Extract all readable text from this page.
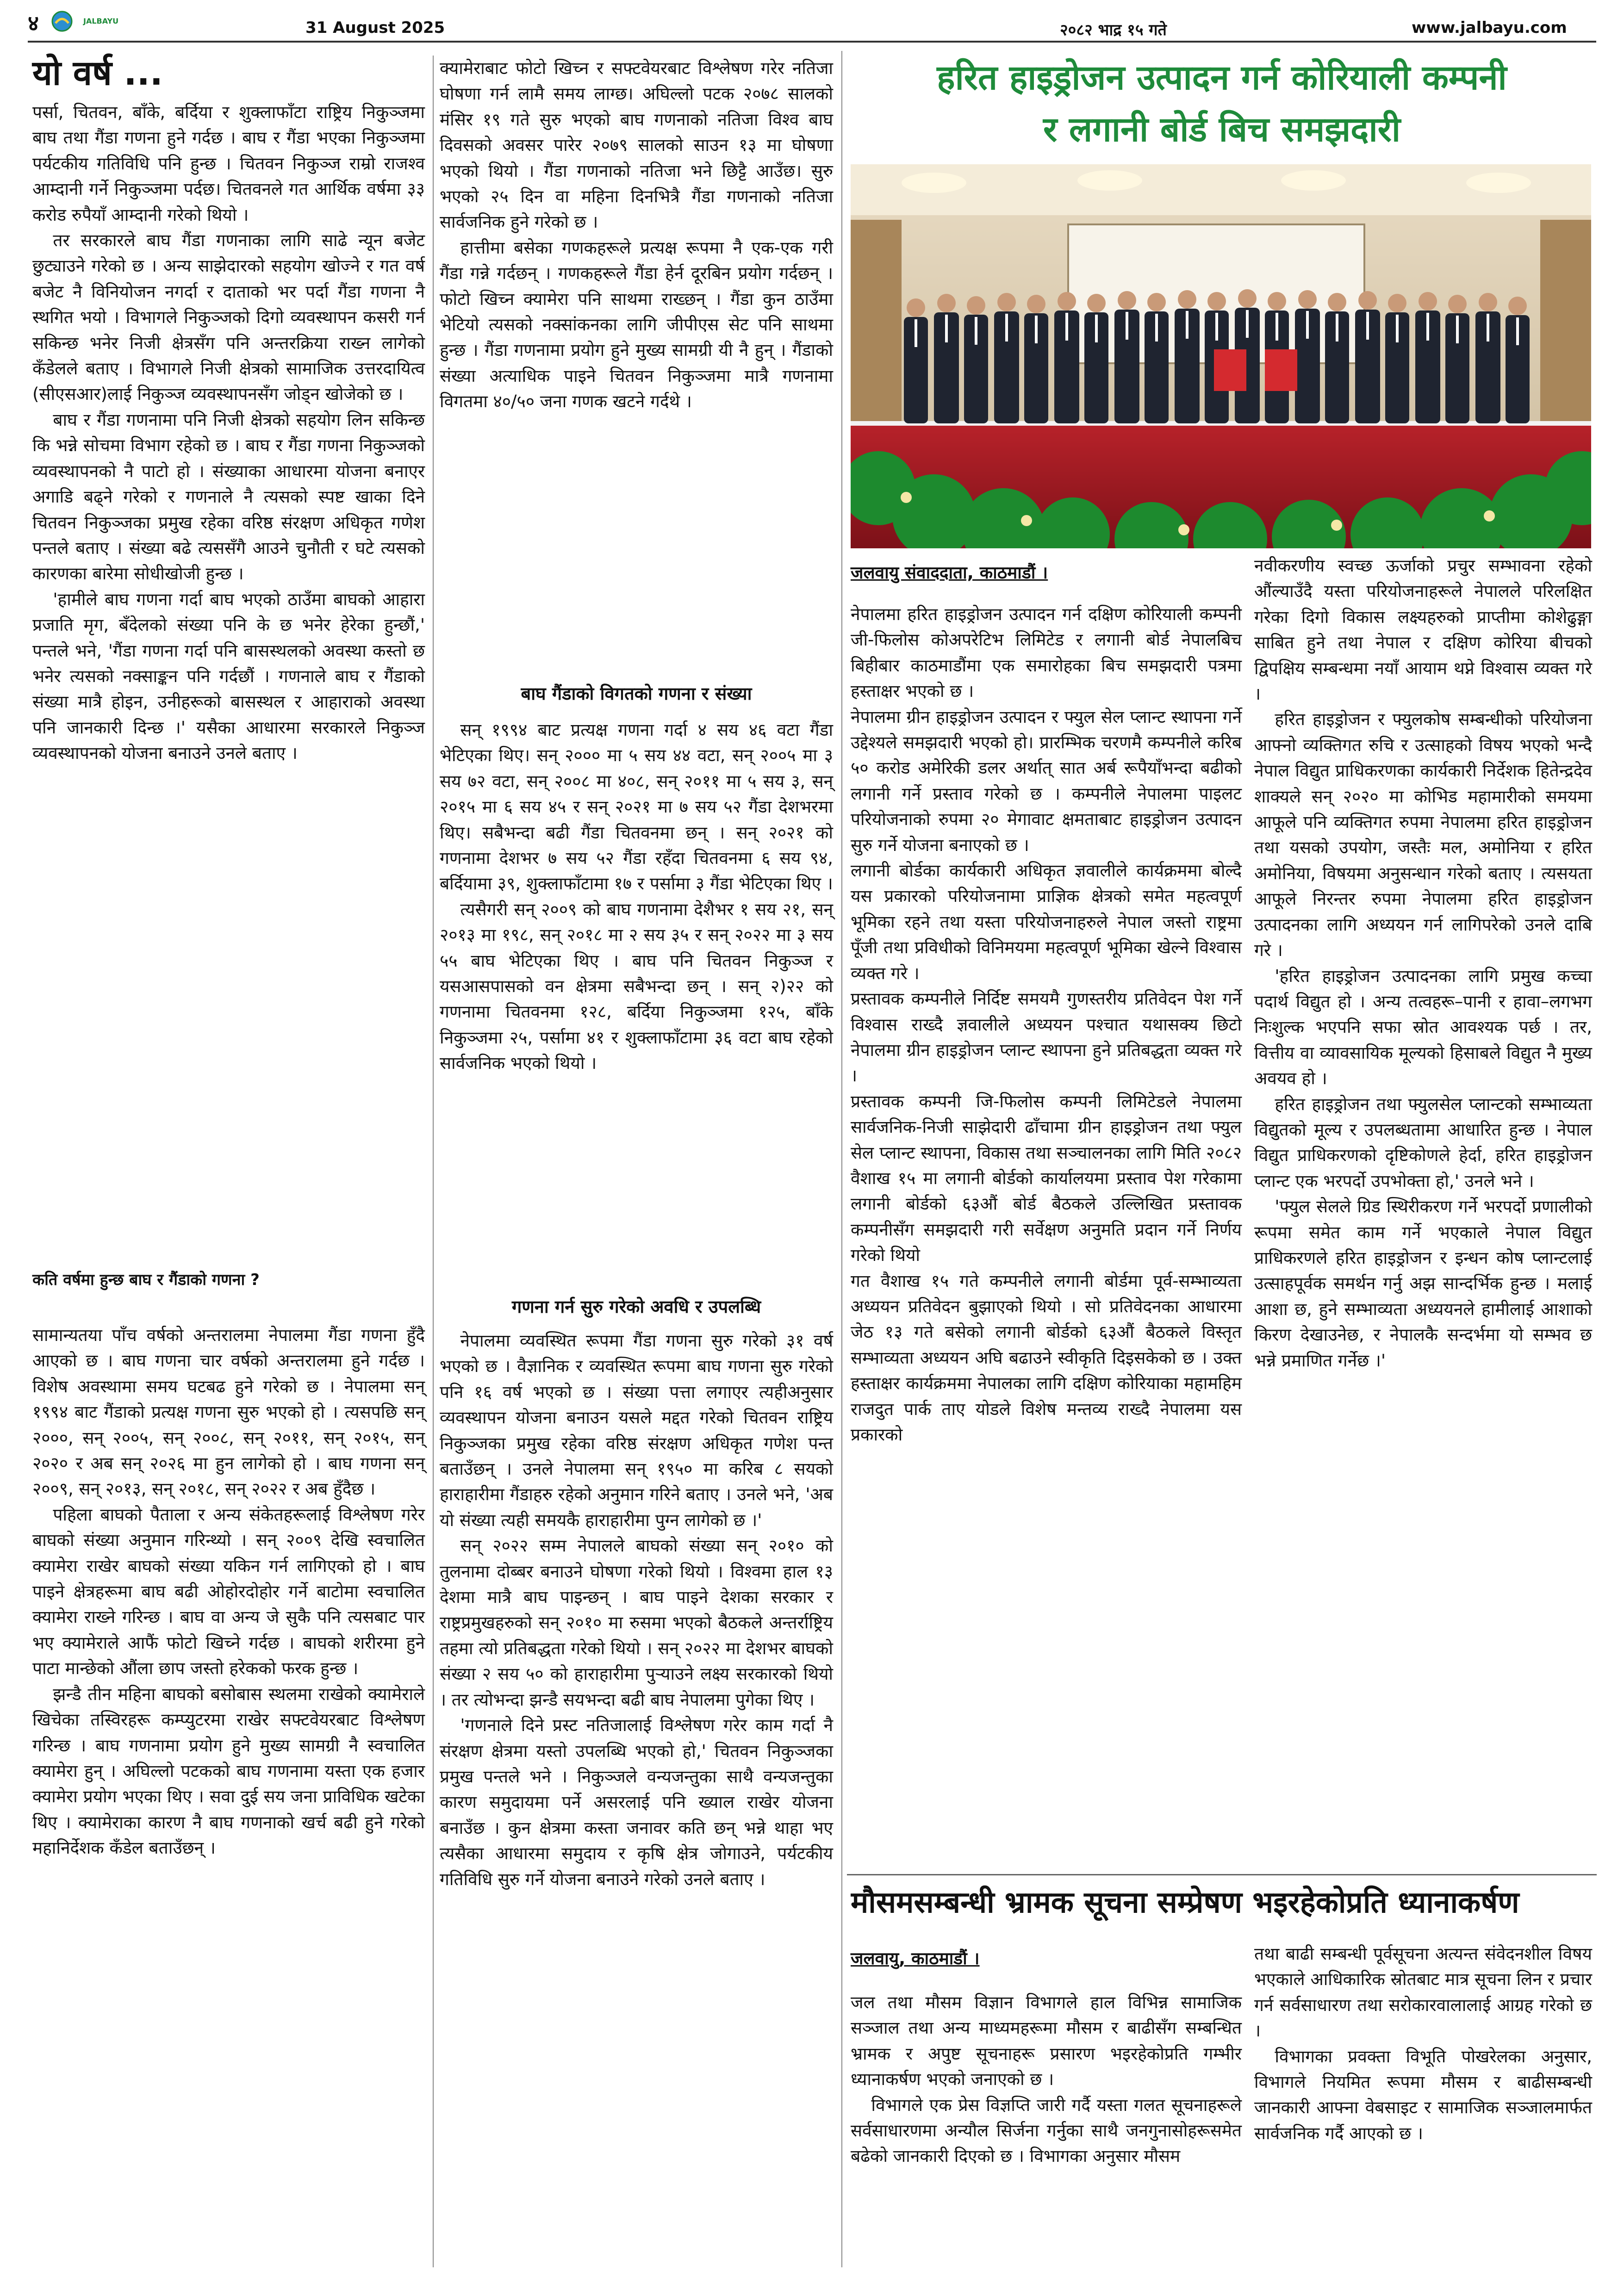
४	JALBAYU	31 August 2025	२०८२ भाद्र १५ गते	www.jalbayu.com
यो वर्ष ...

पर्सा, चितवन, बाँके, बर्दिया र शुक्लाफाँटा राष्ट्रिय निकुञ्जमा बाघ तथा गैंडा गणना हुने गर्दछ । बाघ र गैंडा भएका निकुञ्जमा पर्यटकीय गतिविधि पनि हुन्छ । चितवन निकुञ्ज राम्रो राजश्व आम्दानी गर्ने निकुञ्जमा पर्दछ। चितवनले गत आर्थिक वर्षमा ३३ करोड रुपैयाँ आम्दानी गरेको थियो ।

तर सरकारले बाघ गैंडा गणनाका लागि साढे न्यून बजेट छुट्याउने गरेको छ । अन्य साझेदारको सहयोग खोज्ने र गत वर्ष बजेट नै विनियोजन नगर्दा र दाताको भर पर्दा गैंडा गणना नै स्थगित भयो । विभागले निकुञ्जको दिगो व्यवस्थापन कसरी गर्न सकिन्छ भनेर निजी क्षेत्रसँग पनि अन्तरक्रिया राख्न लागेको कँडेलले बताए । विभागले निजी क्षेत्रको सामाजिक उत्तरदायित्व (सीएसआर)लाई निकुञ्ज व्यवस्थापनसँग जोड्न खोजेको छ ।

बाघ र गैंडा गणनामा पनि निजी क्षेत्रको सहयोग लिन सकिन्छ कि भन्ने सोचमा विभाग रहेको छ । बाघ र गैंडा गणना निकुञ्जको व्यवस्थापनको नै पाटो हो । संख्याका आधारमा योजना बनाएर अगाडि बढ्ने गरेको र गणनाले नै त्यसको स्पष्ट खाका दिने चितवन निकुञ्जका प्रमुख रहेका वरिष्ठ संरक्षण अधिकृत गणेश पन्तले बताए । संख्या बढे त्यससँगै आउने चुनौती र घटे त्यसको कारणका बारेमा सोधीखोजी हुन्छ ।

'हामीले बाघ गणना गर्दा बाघ भएको ठाउँमा बाघको आहारा प्रजाति मृग, बँदेलको संख्या पनि के छ भनेर हेरेका हुन्छौं,' पन्तले भने, 'गैंडा गणना गर्दा पनि बासस्थलको अवस्था कस्तो छ भनेर त्यसको नक्साङ्कन पनि गर्दछौं । गणनाले बाघ र गैंडाको संख्या मात्रै होइन, उनीहरूको बासस्थल र आहाराको अवस्था पनि जानकारी दिन्छ ।' यसैका आधारमा सरकारले निकुञ्ज व्यवस्थापनको योजना बनाउने उनले बताए ।

कति वर्षमा हुन्छ बाघ र गैंडाको गणना ?

सामान्यतया पाँच वर्षको अन्तरालमा नेपालमा गैंडा गणना हुँदै आएको छ । बाघ गणना चार वर्षको अन्तरालमा हुने गर्दछ । विशेष अवस्थामा समय घटबढ हुने गरेको छ । नेपालमा सन् १९९४ बाट गैंडाको प्रत्यक्ष गणना सुरु भएको हो । त्यसपछि सन् २०००, सन् २००५, सन् २००८, सन् २०११, सन् २०१५, सन् २०२० र अब सन् २०२६ मा हुन लागेको हो । बाघ गणना सन् २००९, सन् २०१३, सन् २०१८, सन् २०२२ र अब हुँदैछ ।

पहिला बाघको पैताला र अन्य संकेतहरूलाई विश्लेषण गरेर बाघको संख्या अनुमान गरिन्थ्यो । सन् २००९ देखि स्वचालित क्यामेरा राखेर बाघको संख्या यकिन गर्न लागिएको हो । बाघ पाइने क्षेत्रहरूमा बाघ बढी ओहोरदोहोर गर्ने बाटोमा स्वचालित क्यामेरा राख्ने गरिन्छ । बाघ वा अन्य जे सुकै पनि त्यसबाट पार भए क्यामेराले आफैं फोटो खिच्ने गर्दछ । बाघको शरीरमा हुने पाटा मान्छेको औंला छाप जस्तो हरेकको फरक हुन्छ ।

झन्डै तीन महिना बाघको बसोबास स्थलमा राखेको क्यामेराले खिचेका तस्विरहरू कम्प्युटरमा राखेर सफ्टवेयरबाट विश्लेषण गरिन्छ । बाघ गणनामा प्रयोग हुने मुख्य सामग्री नै स्वचालित क्यामेरा हुन् । अघिल्लो पटकको बाघ गणनामा यस्ता एक हजार क्यामेरा प्रयोग भएका थिए । सवा दुई सय जना प्राविधिक खटेका थिए । क्यामेराका कारण नै बाघ गणनाको खर्च बढी हुने गरेको महानिर्देशक कँडेल बताउँछन् ।

क्यामेराबाट फोटो खिच्न र सफ्टवेयरबाट विश्लेषण गरेर नतिजा घोषणा गर्न लामै समय लाग्छ। अघिल्लो पटक २०७८ सालको मंसिर १९ गते सुरु भएको बाघ गणनाको नतिजा विश्व बाघ दिवसको अवसर पारेर २०७९ सालको साउन १३ मा घोषणा भएको थियो । गैंडा गणनाको नतिजा भने छिट्टै आउँछ। सुरु भएको २५ दिन वा महिना दिनभित्रै गैंडा गणनाको नतिजा सार्वजनिक हुने गरेको छ ।

हात्तीमा बसेका गणकहरूले प्रत्यक्ष रूपमा नै एक-एक गरी गैंडा गन्ने गर्दछन् । गणकहरूले गैंडा हेर्न दूरबिन प्रयोग गर्दछन् । फोटो खिच्न क्यामेरा पनि साथमा राख्छन् । गैंडा कुन ठाउँमा भेटियो त्यसको नक्सांकनका लागि जीपीएस सेट पनि साथमा हुन्छ । गैंडा गणनामा प्रयोग हुने मुख्य सामग्री यी नै हुन् । गैंडाको संख्या अत्याधिक पाइने चितवन निकुञ्जमा मात्रै गणनामा विगतमा ४०/५० जना गणक खटने गर्दथे ।

बाघ गैंडाको विगतको गणना र संख्या

सन् १९९४ बाट प्रत्यक्ष गणना गर्दा ४ सय ४६ वटा गैंडा भेटिएका थिए। सन् २००० मा ५ सय ४४ वटा, सन् २००५ मा ३ सय ७२ वटा, सन् २००८ मा ४०८, सन् २०११ मा ५ सय ३, सन् २०१५ मा ६ सय ४५ र सन् २०२१ मा ७ सय ५२ गैंडा देशभरमा थिए। सबैभन्दा बढी गैंडा चितवनमा छन् । सन् २०२१ को गणनामा देशभर ७ सय ५२ गैंडा रहँदा चितवनमा ६ सय ९४, बर्दियामा ३९, शुक्लाफाँटामा १७ र पर्सामा ३ गैंडा भेटिएका थिए ।

त्यसैगरी सन् २००९ को बाघ गणनामा देशैभर १ सय २१, सन् २०१३ मा १९८, सन् २०१८ मा २ सय ३५ र सन् २०२२ मा ३ सय ५५ बाघ भेटिएका थिए । बाघ पनि चितवन निकुञ्ज र यसआसपासको वन क्षेत्रमा सबैभन्दा छन् । सन् २)२२ को गणनामा चितवनमा १२८, बर्दिया निकुञ्जमा १२५, बाँके निकुञ्जमा २५, पर्सामा ४१ र शुक्लाफाँटामा ३६ वटा बाघ रहेको सार्वजनिक भएको थियो ।

गणना गर्न सुरु गरेको अवधि र उपलब्धि

नेपालमा व्यवस्थित रूपमा गैंडा गणना सुरु गरेको ३१ वर्ष भएको छ । वैज्ञानिक र व्यवस्थित रूपमा बाघ गणना सुरु गरेको पनि १६ वर्ष भएको छ । संख्या पत्ता लगाएर त्यहीअनुसार व्यवस्थापन योजना बनाउन यसले मद्दत गरेको चितवन राष्ट्रिय निकुञ्जका प्रमुख रहेका वरिष्ठ संरक्षण अधिकृत गणेश पन्त बताउँछन् । उनले नेपालमा सन् १९५० मा करिब ८ सयको हाराहारीमा गैंडाहरु रहेको अनुमान गरिने बताए । उनले भने, 'अब यो संख्या त्यही समयकै हाराहारीमा पुग्न लागेको छ ।'

सन् २०२२ सम्म नेपालले बाघको संख्या सन् २०१० को तुलनामा दोब्बर बनाउने घोषणा गरेको थियो । विश्वमा हाल १३ देशमा मात्रै बाघ पाइन्छन् । बाघ पाइने देशका सरकार र राष्ट्रप्रमुखहरुको सन् २०१० मा रुसमा भएको बैठकले अन्तर्राष्ट्रिय तहमा त्यो प्रतिबद्धता गरेको थियो । सन् २०२२ मा देशभर बाघको संख्या २ सय ५० को हाराहारीमा पुऱ्याउने लक्ष्य सरकारको थियो । तर त्योभन्दा झन्डै सयभन्दा बढी बाघ नेपालमा पुगेका थिए ।

'गणनाले दिने प्रस्ट नतिजालाई विश्लेषण गरेर काम गर्दा नै संरक्षण क्षेत्रमा यस्तो उपलब्धि भएको हो,' चितवन निकुञ्जका प्रमुख पन्तले भने । निकुञ्जले वन्यजन्तुका साथै वन्यजन्तुका कारण समुदायमा पर्ने असरलाई पनि ख्याल राखेर योजना बनाउँछ । कुन क्षेत्रमा कस्ता जनावर कति छन् भन्ने थाहा भए त्यसैका आधारमा समुदाय र कृषि क्षेत्र जोगाउने, पर्यटकीय गतिविधि सुरु गर्ने योजना बनाउने गरेको उनले बताए ।

हरित हाइड्रोजन उत्पादन गर्न कोरियाली कम्पनी
र लगानी बोर्ड बिच समझदारी
जलवायु संवाददाता, काठमाडौं ।

नेपालमा हरित हाइड्रोजन उत्पादन गर्न दक्षिण कोरियाली कम्पनी जी-फिलोस कोअपरेटिभ लिमिटेड र लगानी बोर्ड नेपालबिच बिहीबार काठमाडौंमा एक समारोहका बिच समझदारी पत्रमा हस्ताक्षर भएको छ ।

नेपालमा ग्रीन हाइड्रोजन उत्पादन र फ्युल सेल प्लान्ट स्थापना गर्ने उद्देश्यले समझदारी भएको हो। प्रारम्भिक चरणमै कम्पनीले करिब ५० करोड अमेरिकी डलर अर्थात् सात अर्ब रूपैयाँभन्दा बढीको लगानी गर्ने प्रस्ताव गरेको छ । कम्पनीले नेपालमा पाइलट परियोजनाको रुपमा २० मेगावाट क्षमताबाट हाइड्रोजन उत्पादन सुरु गर्ने योजना बनाएको छ ।

लगानी बोर्डका कार्यकारी अधिकृत ज्ञवालीले कार्यक्रममा बोल्दै यस प्रकारको परियोजनामा प्राज्ञिक क्षेत्रको समेत महत्वपूर्ण भूमिका रहने तथा यस्ता परियोजनाहरुले नेपाल जस्तो राष्ट्रमा पूँजी तथा प्रविधीको विनिमयमा महत्वपूर्ण भूमिका खेल्ने विश्वास व्यक्त गरे ।

प्रस्तावक कम्पनीले निर्दिष्ट समयमै गुणस्तरीय प्रतिवेदन पेश गर्ने विश्वास राख्दै ज्ञवालीले अध्ययन पश्चात यथासक्य छिटो नेपालमा ग्रीन हाइड्रोजन प्लान्ट स्थापना हुने प्रतिबद्धता व्यक्त गरे ।

प्रस्तावक कम्पनी जि-फिलोस कम्पनी लिमिटेडले नेपालमा सार्वजनिक-निजी साझेदारी ढाँचामा ग्रीन हाइड्रोजन तथा फ्युल सेल प्लान्ट स्थापना, विकास तथा सञ्चालनका लागि मिति २०८२ वैशाख १५ मा लगानी बोर्डको कार्यालयमा प्रस्ताव पेश गरेकामा लगानी बोर्डको ६३औं बोर्ड बैठकले उल्लिखित प्रस्तावक कम्पनीसँग समझदारी गरी सर्वेक्षण अनुमति प्रदान गर्ने निर्णय गरेको थियो

गत वैशाख १५ गते कम्पनीले लगानी बोर्डमा पूर्व-सम्भाव्यता अध्ययन प्रतिवेदन बुझाएको थियो । सो प्रतिवेदनका आधारमा जेठ १३ गते बसेको लगानी बोर्डको ६३औं बैठकले विस्तृत सम्भाव्यता अध्ययन अघि बढाउने स्वीकृति दिइसकेको छ । उक्त हस्ताक्षर कार्यक्रममा नेपालका लागि दक्षिण कोरियाका महामहिम राजदुत पार्क ताए योडले विशेष मन्तव्य राख्दै नेपालमा यस प्रकारको

नवीकरणीय स्वच्छ ऊर्जाको प्रचुर सम्भावना रहेको औंल्याउँदै यस्ता परियोजनाहरूले नेपालले परिलक्षित गरेका दिगो विकास लक्ष्यहरुको प्राप्तीमा कोशेढुङ्गा साबित हुने तथा नेपाल र दक्षिण कोरिया बीचको द्विपक्षिय सम्बन्धमा नयाँ आयाम थप्ने विश्वास व्यक्त गरे ।

हरित हाइड्रोजन र फ्युलकोष सम्बन्धीको परियोजना आफ्नो व्यक्तिगत रुचि र उत्साहको विषय भएको भन्दै नेपाल विद्युत प्राधिकरणका कार्यकारी निर्देशक हितेन्द्रदेव शाक्यले सन् २०२० मा कोभिड महामारीको समयमा आफूले पनि व्यक्तिगत रुपमा नेपालमा हरित हाइड्रोजन तथा यसको उपयोग, जस्तैः मल, अमोनिया र हरित अमोनिया, विषयमा अनुसन्धान गरेको बताए । त्यसयता आफूले निरन्तर रुपमा नेपालमा हरित हाइड्रोजन उत्पादनका लागि अध्ययन गर्न लागिपरेको उनले दाबि गरे ।

'हरित हाइड्रोजन उत्पादनका लागि प्रमुख कच्चा पदार्थ विद्युत हो । अन्य तत्वहरू–पानी र हावा–लगभग निःशुल्क भएपनि सफा स्रोत आवश्यक पर्छ । तर, वित्तीय वा व्यावसायिक मूल्यको हिसाबले विद्युत नै मुख्य अवयव हो ।

हरित हाइड्रोजन तथा फ्युलसेल प्लान्टको सम्भाव्यता विद्युतको मूल्य र उपलब्धतामा आधारित हुन्छ । नेपाल विद्युत प्राधिकरणको दृष्टिकोणले हेर्दा, हरित हाइड्रोजन प्लान्ट एक भरपर्दो उपभोक्ता हो,' उनले भने ।

'फ्युल सेलले ग्रिड स्थिरीकरण गर्ने भरपर्दो प्रणालीको रूपमा समेत काम गर्ने भएकाले नेपाल विद्युत प्राधिकरणले हरित हाइड्रोजन र इन्धन कोष प्लान्टलाई उत्साहपूर्वक समर्थन गर्नु अझ सान्दर्भिक हुन्छ । मलाई आशा छ, हुने सम्भाव्यता अध्ययनले हामीलाई आशाको किरण देखाउनेछ, र नेपालकै सन्दर्भमा यो सम्भव छ भन्ने प्रमाणित गर्नेछ ।'

मौसमसम्बन्धी भ्रामक सूचना सम्प्रेषण भइरहेकोप्रति ध्यानाकर्षण
जलवायु, काठमाडौं ।

जल तथा मौसम विज्ञान विभागले हाल विभिन्न सामाजिक सञ्जाल तथा अन्य माध्यमहरूमा मौसम र बाढीसँग सम्बन्धित भ्रामक र अपुष्ट सूचनाहरू प्रसारण भइरहेकोप्रति गम्भीर ध्यानाकर्षण भएको जनाएको छ ।

विभागले एक प्रेस विज्ञप्ति जारी गर्दै यस्ता गलत सूचनाहरूले सर्वसाधारणमा अन्यौल सिर्जना गर्नुका साथै जनगुनासोहरूसमेत बढेको जानकारी दिएको छ । विभागका अनुसार मौसम

तथा बाढी सम्बन्धी पूर्वसूचना अत्यन्त संवेदनशील विषय भएकाले आधिकारिक स्रोतबाट मात्र सूचना लिन र प्रचार गर्न सर्वसाधारण तथा सरोकारवालालाई आग्रह गरेको छ ।

विभागका प्रवक्ता विभूति पोखरेलका अनुसार, विभागले नियमित रूपमा मौसम र बाढीसम्बन्धी जानकारी आफ्ना वेबसाइट र सामाजिक सञ्जालमार्फत सार्वजनिक गर्दै आएको छ ।
